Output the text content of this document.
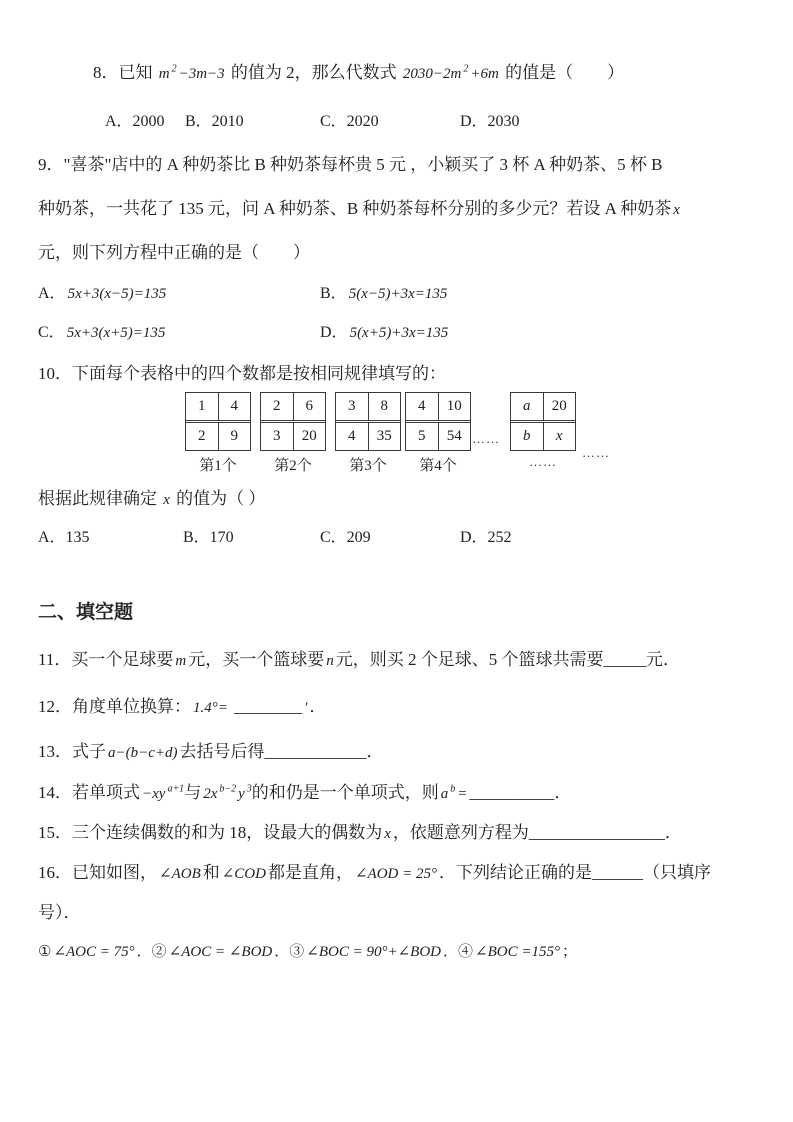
8．已知 m $^2$ −3m−3 的值为 2，那么代数式 2030−2m $^2$ +6m 的值是（　　）
A．2000 B．2010	C．2020	D．2030
9．"喜茶"店中的 A 种奶茶比 B 种奶茶每杯贵 5 元 ，小颖买了 3 杯 A 种奶茶、5 杯 B
种奶茶，一共花了 135 元，问 A 种奶茶、B 种奶茶每杯分别的多少元？若设 A 种奶茶 x
元，则下列方程中正确的是（　　）
A． 5x+3(x−5)=135	B． 5(x−5)+3x=135
C． 5x+3(x+5)=135	D． 5(x+5)+3x=135
10．下面每个表格中的四个数都是按相同规律填写的：
1	4
2	9
第1个
2	6
3	20
第2个
3	8
4	35
第3个
4	10
5	54
第4个
……
a	20
b	x
……
……
根据此规律确定 x 的值为（ ）
A．135	B．170	C．209	D．252
二、填空题
11．买一个足球要 m 元，买一个篮球要 n 元，则买 2 个足球、5 个篮球共需要_____元．
12．角度单位换算： 1.4°= ________ ′ ．
13．式子 a−(b−c+d) 去括号后得____________．
14．若单项式 −xy $^{a+1}$与 2x $^{b-2}$ y $^3$的和仍是一个单项式，则 a $^b$ = __________．
15．三个连续偶数的和为 18，设最大的偶数为 x ，依题意列方程为________________．
16．已知如图， ∠AOB 和 ∠COD 都是直角， ∠AOD = 25° ．下列结论正确的是______（只填序
号）．
① ∠AOC = 75° ．② ∠AOC = ∠BOD ．③ ∠BOC = 90°+∠BOD ．④ ∠BOC =155° ；
